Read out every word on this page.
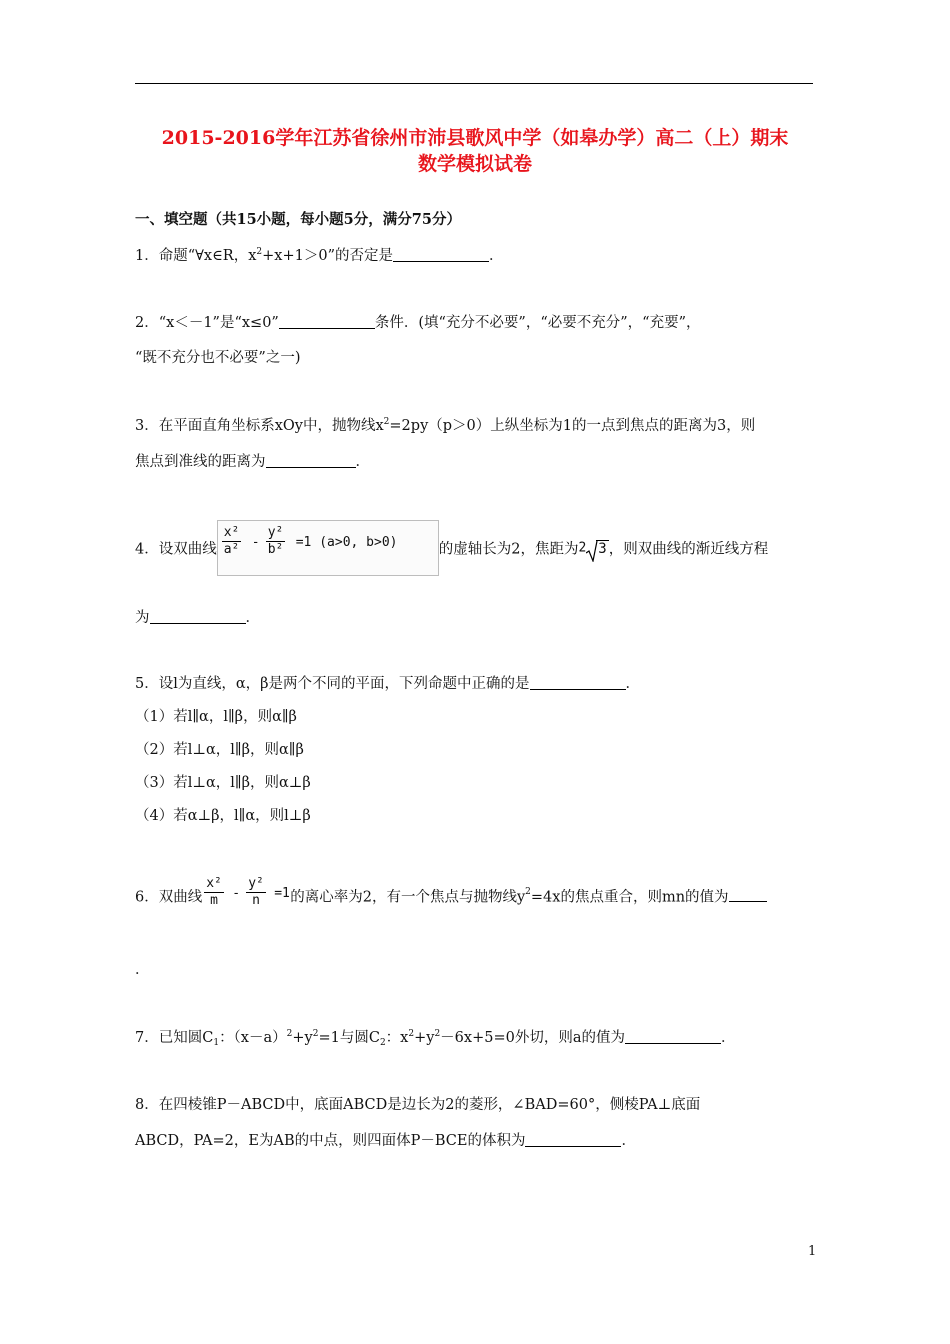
2015-2016学年江苏省徐州市沛县歌风中学（如皋办学）高二（上）期末
数学模拟试卷
一、填空题（共15小题，每小题5分，满分75分）
1．命题“∀x∈R，$x^2+x+1>0$”的否定是	．
2．“x＜－1”是“x≤0”	条件．(填“充分不必要”，“必要不充分”，“充要”，
“既不充分也不必要”之一)
3．在平面直角坐标系xOy中，抛物线$x^2=2py(p>0)$上纵坐标为1的一点到焦点的距离为3，则
焦点到准线的距离为	．
4．设双曲线 $\frac{\text{x²}}{\text{a²}} - \frac{\text{y²}}{\text{b²}} =1$ (a>0, b>0)	的虚轴长为2，焦距为2 3 ，则双曲线的渐近线方程
为	．
5．设l为直线，α，β是两个不同的平面，下列命题中正确的是	．
（1）若l∥α，l∥β，则α∥β
（2）若l⊥α，l∥β，则α∥β
（3）若l⊥α，l∥β，则α⊥β
（4）若α⊥β，l∥α，则l⊥β
6．双曲线 $\frac{\text{x²}}{m} - \frac{\text{y²}}{n} =1$ 的离心率为2，有一个焦点与抛物线$y^2=4x$的焦点重合，则mn的值为
．
7．已知圆$C_1$：$(x-a)^2+y^2=1$与圆$C_2$：$x^2+y^2-6x+5=0$外切，则a的值为	．
8．在四棱锥P－ABCD中，底面ABCD是边长为2的菱形，∠BAD=60°，侧棱PA⊥底面
ABCD，PA=2，E为AB的中点，则四面体P－BCE的体积为	．
1
